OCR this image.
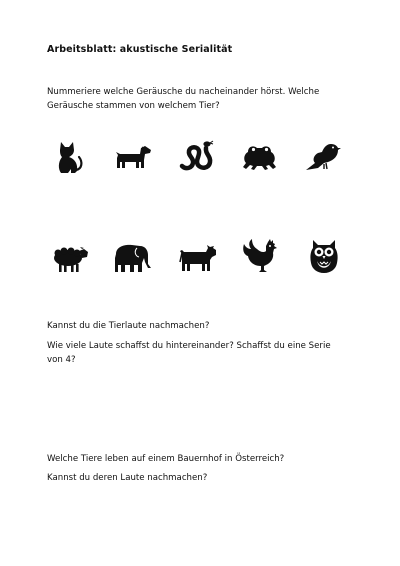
Arbeitsblatt: akustische Serialität
Nummeriere welche Geräusche du nacheinander hörst. Welche
Geräusche stammen von welchem Tier?
Kannst du die Tierlaute nachmachen?
Wie viele Laute schaffst du hintereinander? Schaffst du eine Serie
von 4?
Welche Tiere leben auf einem Bauernhof in Österreich?
Kannst du deren Laute nachmachen?
